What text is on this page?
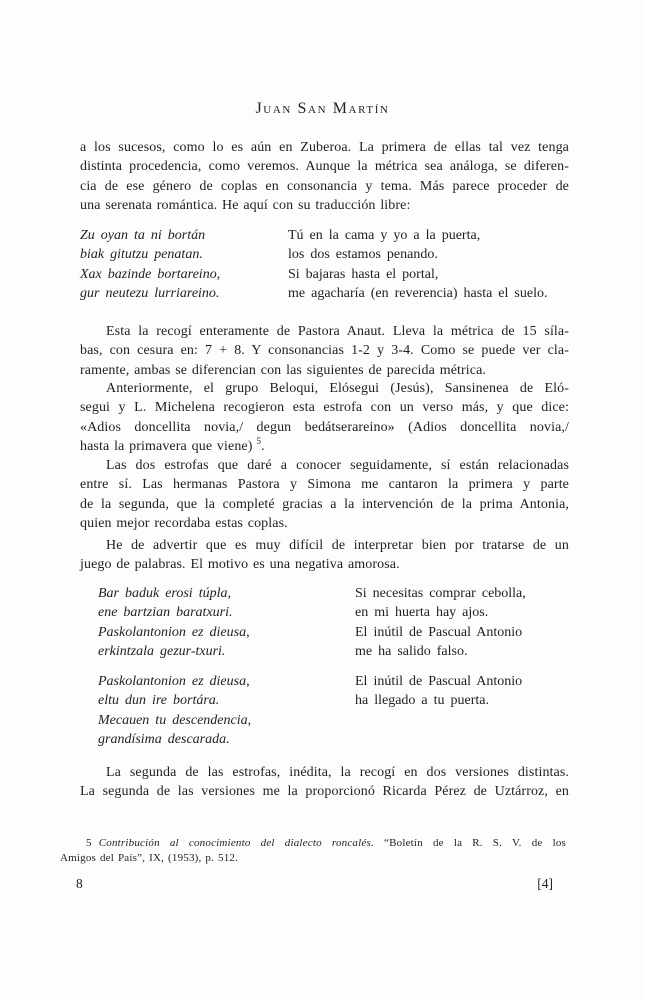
Juan San Martín
a los sucesos, como lo es aún en Zuberoa. La primera de ellas tal vez tenga
distinta procedencia, como veremos. Aunque la métrica sea análoga, se diferen-
cia de ese género de coplas en consonancia y tema. Más parece proceder de
una serenata romántica. He aquí con su traducción libre:
Zu oyan ta ni bortán
biak gitutzu penatan.
Xax bazinde bortareino,
gur neutezu lurriareino.
Tú en la cama y yo a la puerta,
los dos estamos penando.
Si bajaras hasta el portal,
me agacharía (en reverencia) hasta el suelo.
Esta la recogí enteramente de Pastora Anaut. Lleva la métrica de 15 síla-
bas, con cesura en: 7 + 8. Y consonancias 1-2 y 3-4. Como se puede ver cla-
ramente, ambas se diferencian con las siguientes de parecida métrica.
Anteriormente, el grupo Beloqui, Elósegui (Jesús), Sansinenea de Eló-
segui y L. Michelena recogieron esta estrofa con un verso más, y que dice:
«Adios doncellita novia,/ degun bedátserareino» (Adios doncellita novia,/
hasta la primavera que viene) $^5$.
Las dos estrofas que daré a conocer seguidamente, sí están relacionadas
entre sí. Las hermanas Pastora y Simona me cantaron la primera y parte
de la segunda, que la completé gracias a la intervención de la prima Antonia,
quien mejor recordaba estas coplas.
He de advertir que es muy difícil de interpretar bien por tratarse de un
juego de palabras. El motivo es una negativa amorosa.
Bar baduk erosi túpla,
ene bartzian baratxuri.
Paskolantonion ez dieusa,
erkintzala gezur-txuri.
Si necesitas comprar cebolla,
en mi huerta hay ajos.
El inútil de Pascual Antonio
me ha salido falso.
Paskolantonion ez dieusa,
eltu dun ire bortára.
Mecauen tu descendencia,
grandísima descarada.
El inútil de Pascual Antonio
ha llegado a tu puerta.
La segunda de las estrofas, inédita, la recogí en dos versiones distintas.
La segunda de las versiones me la proporcionó Ricarda Pérez de Uztárroz, en
5 Contribución al conocimiento del dialecto roncalés. “Boletín de la R. S. V. de los
Amigos del País”, IX, (1953), p. 512.
8	[4]
